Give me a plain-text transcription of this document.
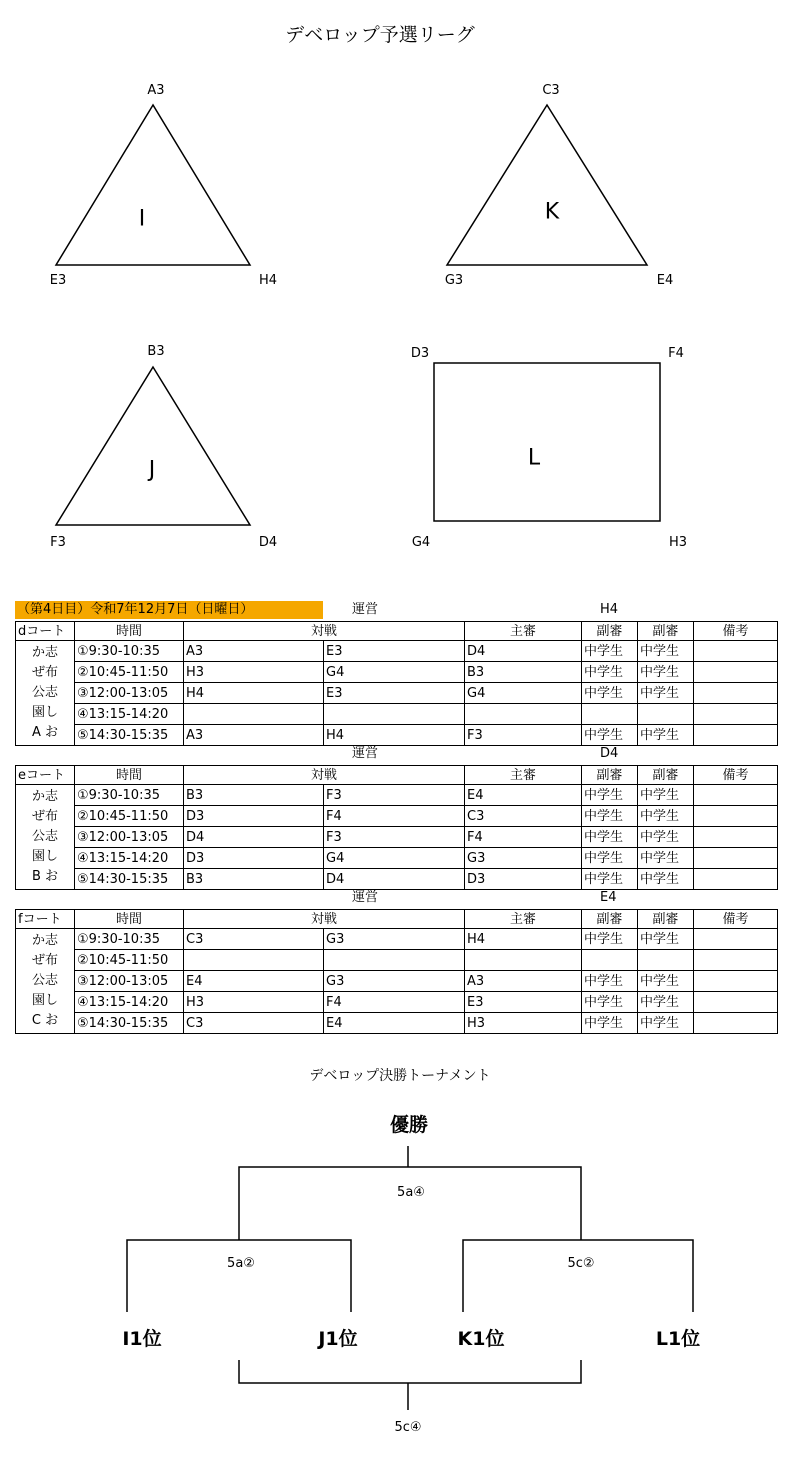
デベロップ予選リーグ
A3
E3	H4
I
C3
G3	E4
K
B3
F3	D4
J
D3	F4
G4	H3
L
（第4日目）令和7年12月7日（日曜日）	運営	H4
dコート	時間	対戦		主審	副審	副審	備考

か志
ぜ布
公志
園し
A お	①9:30-10:35	A3	E3	D4	中学生	中学生	
	②10:45-11:50	H3	G4	B3	中学生	中学生	
	③12:00-13:05	H4	E3	G4	中学生	中学生	
	④13:15-14:20						
	⑤14:30-15:35	A3	H4	F3	中学生	中学生	
運営	D4
eコート	時間	対戦		主審	副審	副審	備考

か志
ぜ布
公志
園し
B お	①9:30-10:35	B3	F3	E4	中学生	中学生	
	②10:45-11:50	D3	F4	C3	中学生	中学生	
	③12:00-13:05	D4	F3	F4	中学生	中学生	
	④13:15-14:20	D3	G4	G3	中学生	中学生	
	⑤14:30-15:35	B3	D4	D3	中学生	中学生	
運営	E4
fコート	時間	対戦		主審	副審	副審	備考

か志
ぜ布
公志
園し
C お	①9:30-10:35	C3	G3	H4	中学生	中学生	
	②10:45-11:50						
	③12:00-13:05	E4	G3	A3	中学生	中学生	
	④13:15-14:20	H3	F4	E3	中学生	中学生	
	⑤14:30-15:35	C3	E4	H3	中学生	中学生	
デベロップ決勝トーナメント
優勝
5a④
5a②	5c②
5c④
I1位	J1位	K1位	L1位
